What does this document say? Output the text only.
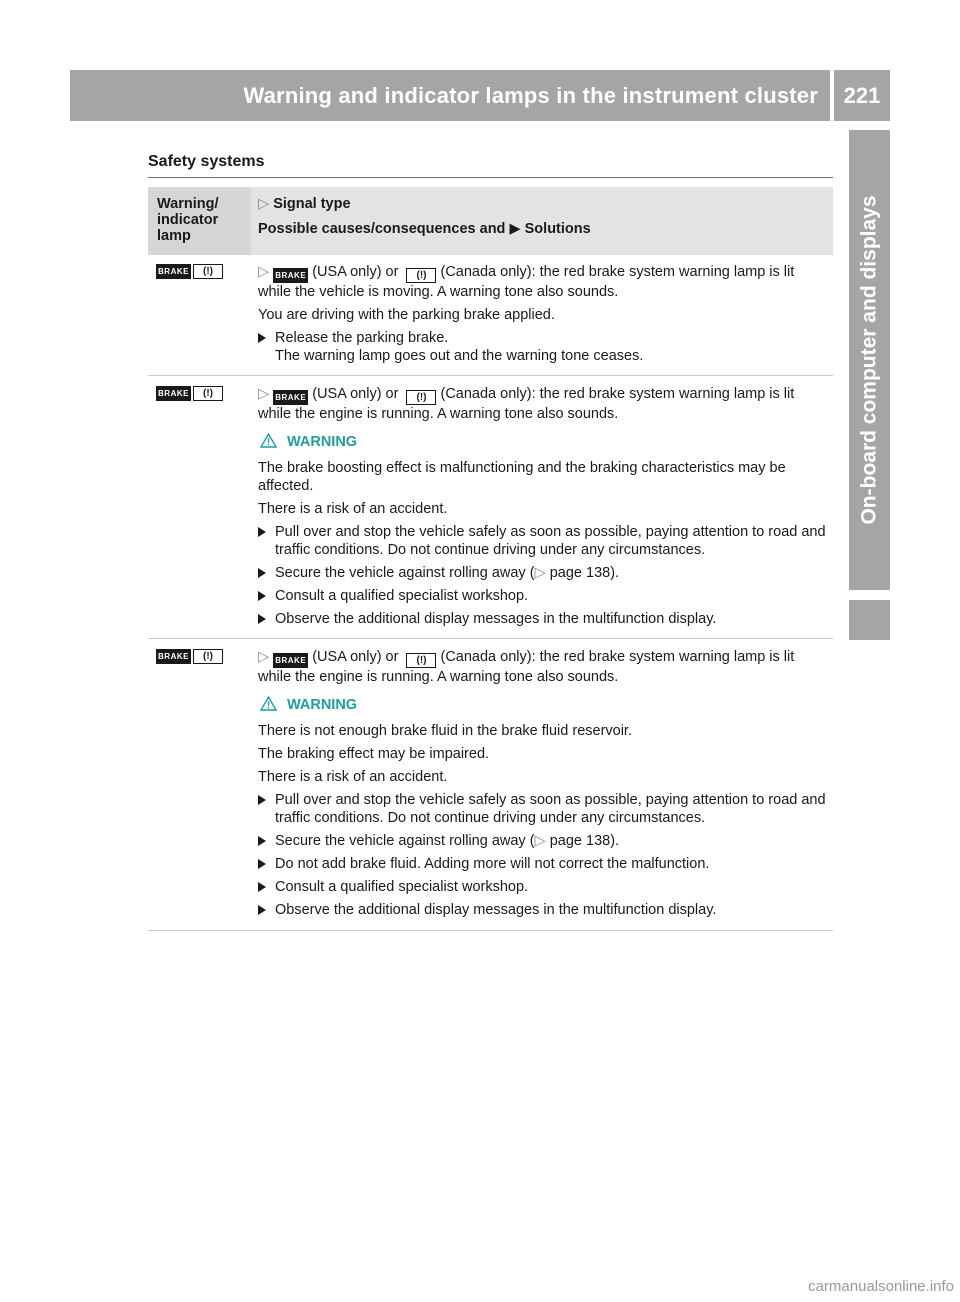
Warning and indicator lamps in the instrument cluster	221
On-board computer and displays
Safety systems
Warning/ indicator lamp
▷ Signal type
Possible causes/consequences and ▶ Solutions
BRAKE	(!)	▷ BRAKE (USA only) or (!) (Canada only): the red brake system warning lamp is lit while the vehicle is moving. A warning tone also sounds.

You are driving with the parking brake applied.

Release the parking brake.
The warning lamp goes out and the warning tone ceases.
BRAKE	(!)	▷ BRAKE (USA only) or (!) (Canada only): the red brake system warning lamp is lit while the engine is running. A warning tone also sounds.

WARNING

The brake boosting effect is malfunctioning and the braking characteristics may be affected.

There is a risk of an accident.

Pull over and stop the vehicle safely as soon as possible, paying attention to road and traffic conditions. Do not continue driving under any circumstances.
Secure the vehicle against rolling away (▷ page 138).
Consult a qualified specialist workshop.
Observe the additional display messages in the multifunction display.
BRAKE	(!)	▷ BRAKE (USA only) or (!) (Canada only): the red brake system warning lamp is lit while the engine is running. A warning tone also sounds.

WARNING

There is not enough brake fluid in the brake fluid reservoir.

The braking effect may be impaired.

There is a risk of an accident.

Pull over and stop the vehicle safely as soon as possible, paying attention to road and traffic conditions. Do not continue driving under any circumstances.
Secure the vehicle against rolling away (▷ page 138).
Do not add brake fluid. Adding more will not correct the malfunction.
Consult a qualified specialist workshop.
Observe the additional display messages in the multifunction display.
carmanualsonline.info
